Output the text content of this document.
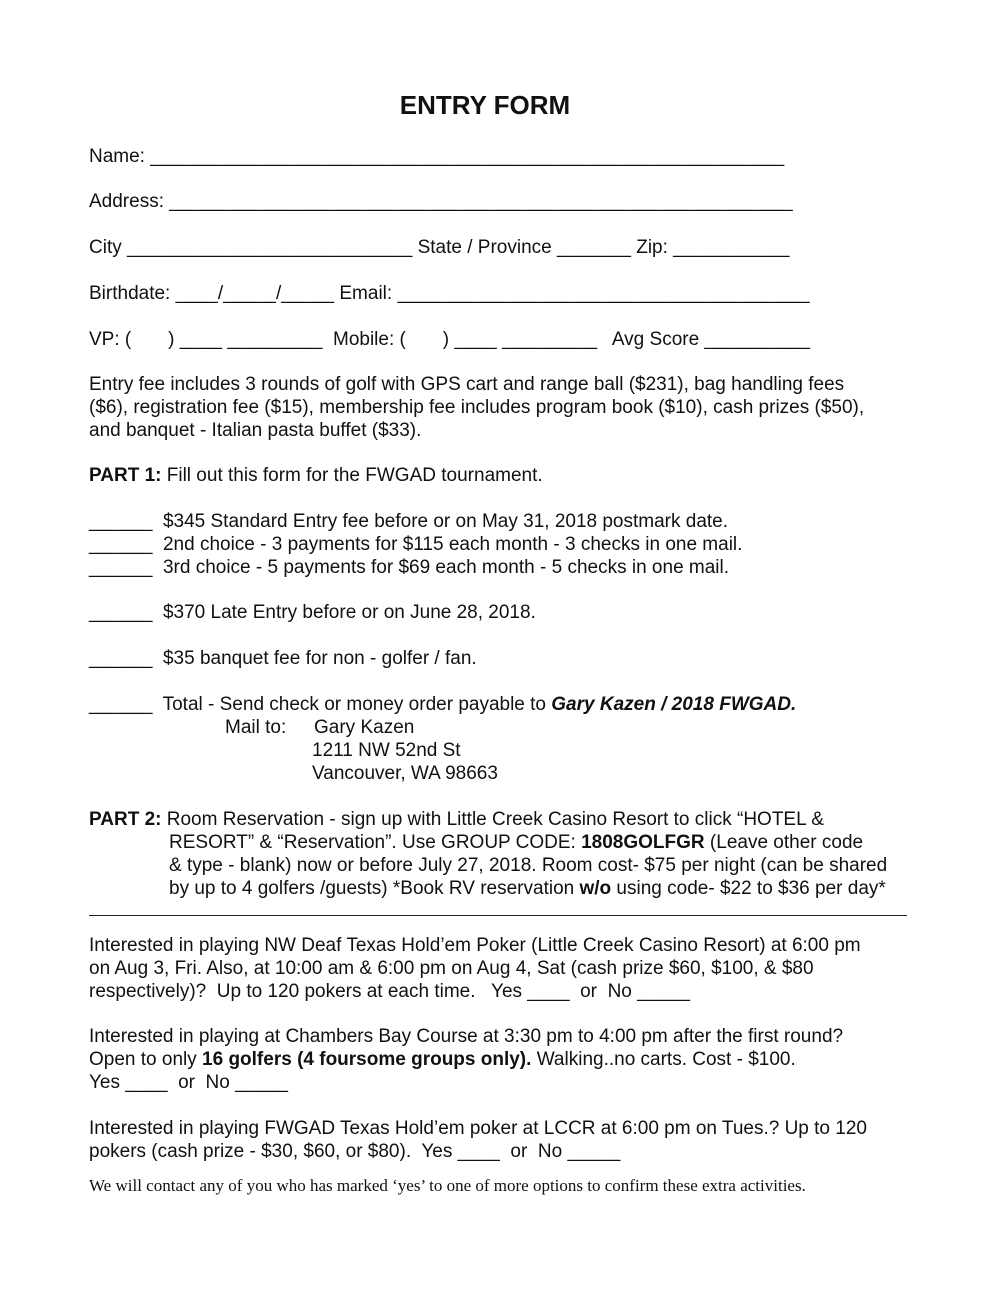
ENTRY FORM
Name: ____________________________________________________________
Address: ___________________________________________________________
City ___________________________ State / Province _______ Zip: ___________
Birthdate: ____/_____/_____ Email: _______________________________________
VP: (       ) ____ _________  Mobile: (       ) ____ _________   Avg Score __________
Entry fee includes 3 rounds of golf with GPS cart and range ball ($231), bag handling fees
($6), registration fee ($15), membership fee includes program book ($10), cash prizes ($50),
and banquet - Italian pasta buffet ($33).
PART 1: Fill out this form for the FWGAD tournament.
______  $345 Standard Entry fee before or on May 31, 2018 postmark date.
______  2nd choice - 3 payments for $115 each month - 3 checks in one mail.
______  3rd choice - 5 payments for $69 each month - 5 checks in one mail.
______  $370 Late Entry before or on June 28, 2018.
______  $35 banquet fee for non - golfer / fan.
______  Total - Send check or money order payable to Gary Kazen / 2018 FWGAD.
Mail to: Gary Kazen
1211 NW 52nd St
Vancouver, WA 98663
PART 2: Room Reservation - sign up with Little Creek Casino Resort to click “HOTEL &
RESORT” & “Reservation”. Use GROUP CODE: 1808GOLFGR (Leave other code
& type - blank) now or before July 27, 2018. Room cost- $75 per night (can be shared
by up to 4 golfers /guests) *Book RV reservation w/o using code- $22 to $36 per day*
Interested in playing NW Deaf Texas Hold’em Poker (Little Creek Casino Resort) at 6:00 pm
on Aug 3, Fri. Also, at 10:00 am & 6:00 pm on Aug 4, Sat (cash prize $60, $100, & $80
respectively)?  Up to 120 pokers at each time.   Yes ____  or  No _____
Interested in playing at Chambers Bay Course at 3:30 pm to 4:00 pm after the first round?
Open to only 16 golfers (4 foursome groups only). Walking..no carts. Cost - $100.
Yes ____  or  No _____
Interested in playing FWGAD Texas Hold’em poker at LCCR at 6:00 pm on Tues.? Up to 120
pokers (cash prize - $30, $60, or $80).  Yes ____  or  No _____
We will contact any of you who has marked ‘yes’ to one of more options to confirm these extra activities.
